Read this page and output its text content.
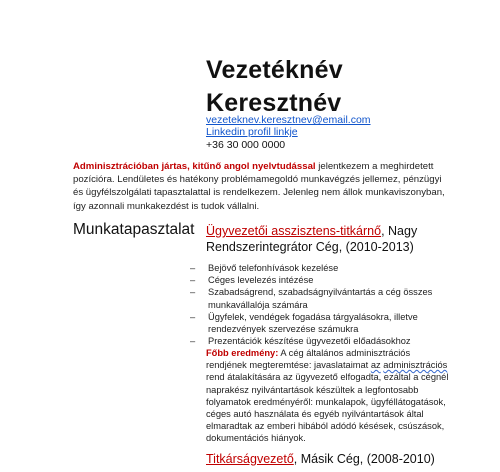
Vezetéknév
Keresztnév
vezeteknev.keresztnev@email.com
Linkedin profil linkje
+36 30 000 0000
Adminisztrációban jártas, kitűnő angol nyelvtudással jelentkezem a meghirdetett pozícióra. Lendületes és hatékony problémamegoldó munkavégzés jellemez, pénzügyi és ügyfélszolgálati tapasztalattal is rendelkezem. Jelenleg nem állok munkaviszonyban, így azonnali munkakezdést is tudok vállalni.
Munkatapasztalat Ügyvezetői asszisztens-titkárnő, Nagy Rendszerintegrátor Cég, (2010-2013)
– Bejövő telefonhívások kezelése
– Céges levelezés intézése
– Szabadságrend, szabadságnyilvántartás a cég összes munkavállalója számára
– Ügyfelek, vendégek fogadása tárgyalásokra, illetve rendezvények szervezése számukra
– Prezentációk készítése ügyvezetői előadásokhoz
Főbb eredmény: A cég általános adminisztrációs rendjének megteremtése: javaslataimat az adminisztrációs rend átalakítására az ügyvezető elfogadta, ezáltal a cégnél naprakész nyilvántartások készültek a legfontosabb folyamatok eredményéről: munkalapok, ügyféllátogatások, céges autó használata és egyéb nyilvántartások által elmaradtak az emberi hibából adódó késések, csúszások, dokumentációs hiányok.
Titkárságvezető, Másik Cég, (2008-2010)
